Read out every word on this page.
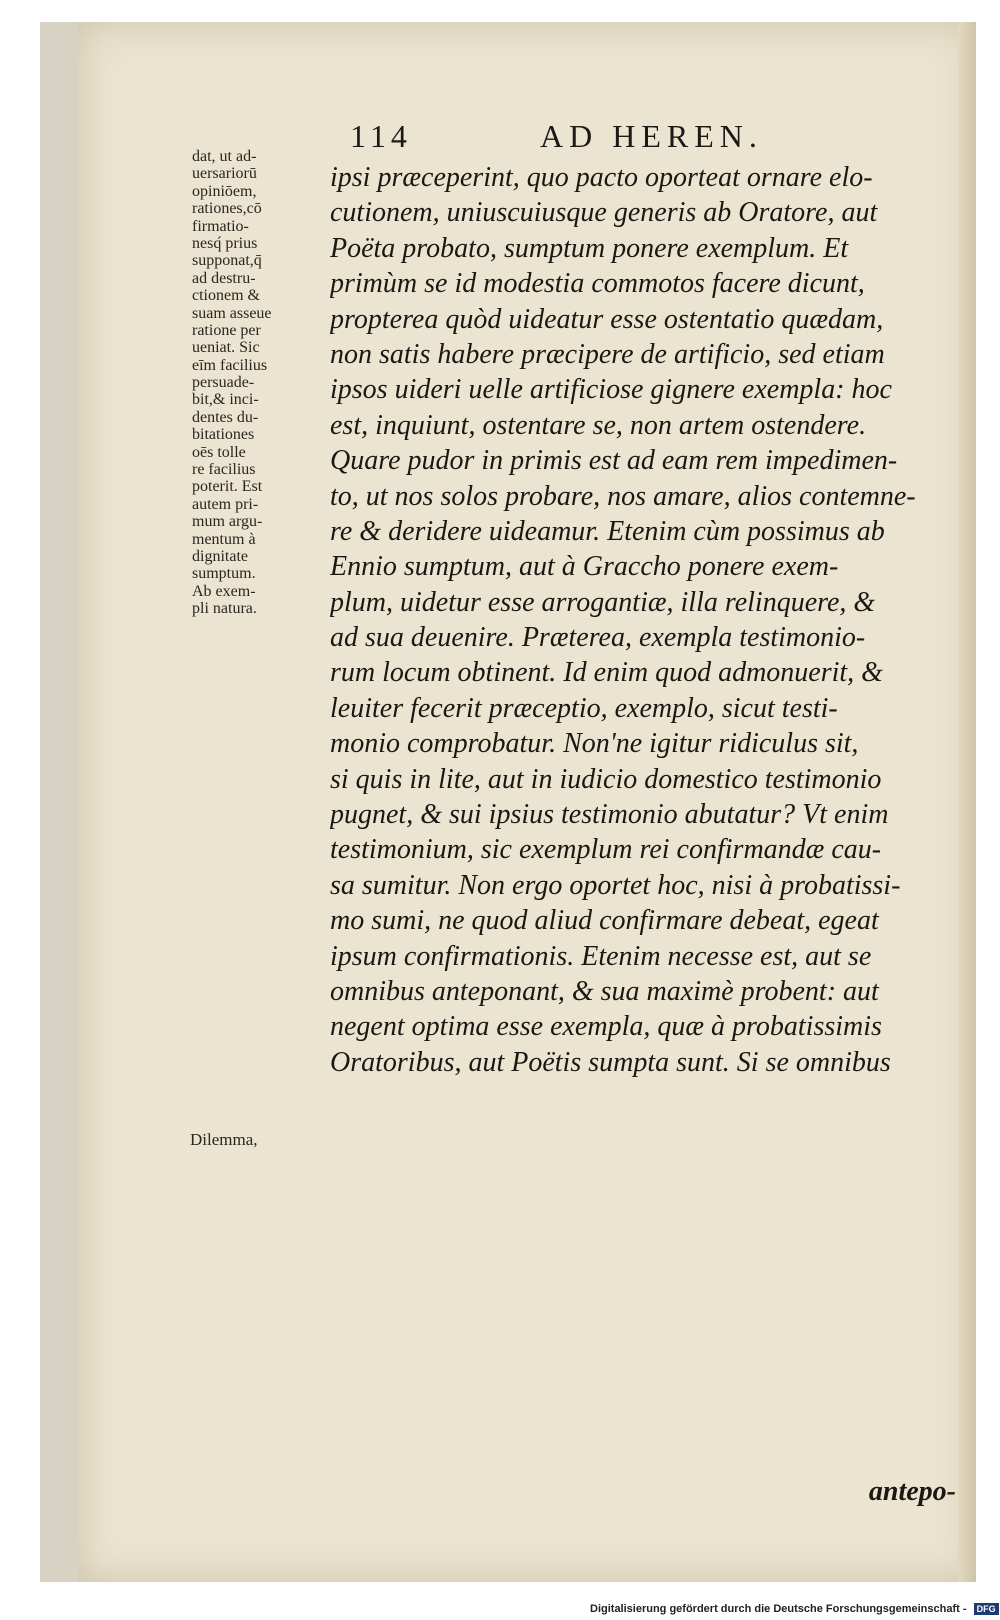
114	AD HEREN.
dat, ut ad-
uersariorū
opiniōem,
rationes,cō
firmatio-
nesq́ prius
supponat,q̄
ad destru-
ctionem &
suam asseue
ratione per
ueniat. Sic
eīm facilius
persuade-
bit,& inci-
dentes du-
bitationes
oēs tolle
re facilius
poterit. Est
autem pri-
mum argu-
mentum à
dignitate
sumptum.
Ab exem-
pli natura.
Dilemma,
ipsi præceperint, quo pacto oporteat ornare elo-
cutionem, uniuscuiusque generis ab Oratore, aut
Poëta probato, sumptum ponere exemplum. Et
primùm se id modestia commotos facere dicunt,
propterea quòd uideatur esse ostentatio quædam,
non satis habere præcipere de artificio, sed etiam
ipsos uideri uelle artificiose gignere exempla: hoc
est, inquiunt, ostentare se, non artem ostendere.
Quare pudor in primis est ad eam rem impedimen-
to, ut nos solos probare, nos amare, alios contemne-
re & deridere uideamur. Etenim cùm possimus ab
Ennio sumptum, aut à Graccho ponere exem-
plum, uidetur esse arrogantiæ, illa relinquere, &
ad sua deuenire. Præterea, exempla testimonio-
rum locum obtinent. Id enim quod admonuerit, &
leuiter fecerit præceptio, exemplo, sicut testi-
monio comprobatur. Non'ne igitur ridiculus sit,
si quis in lite, aut in iudicio domestico testimonio
pugnet, & sui ipsius testimonio abutatur? Vt enim
testimonium, sic exemplum rei confirmandæ cau-
sa sumitur. Non ergo oportet hoc, nisi à probatissi-
mo sumi, ne quod aliud confirmare debeat, egeat
ipsum confirmationis. Etenim necesse est, aut se
omnibus anteponant, & sua maximè probent: aut
negent optima esse exempla, quæ à probatissimis
Oratoribus, aut Poëtis sumpta sunt. Si se omnibus
antepo-
Digitalisierung gefördert durch die Deutsche Forschungsgemeinschaft - DFG
